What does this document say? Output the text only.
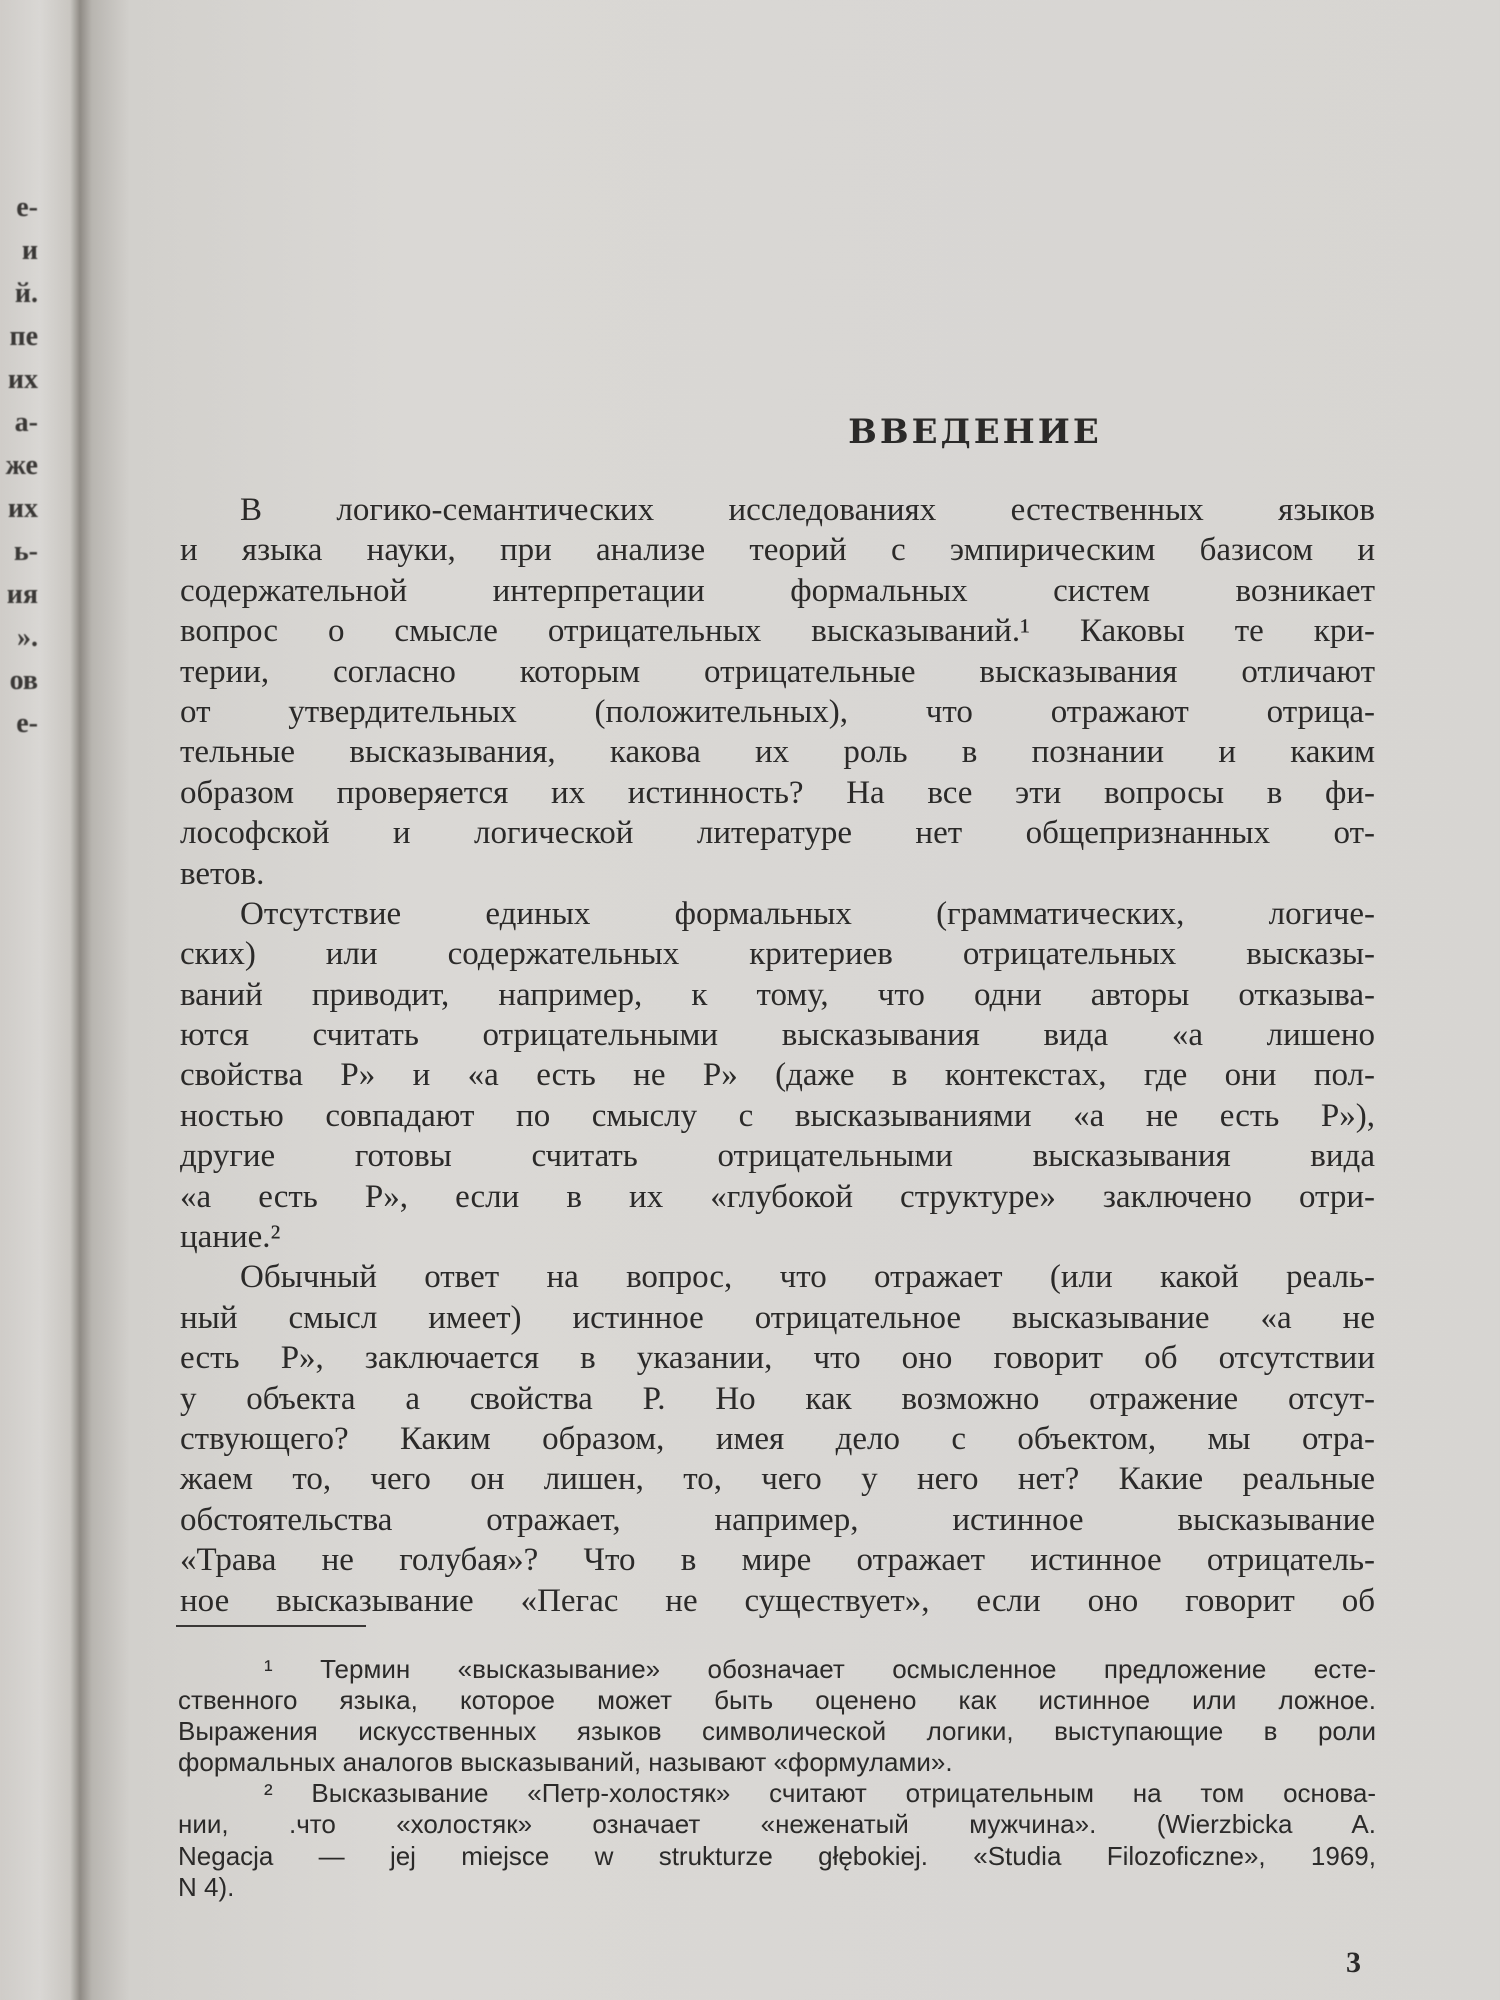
е-
и
й.
пе
их
а-
же
их
ь-
ия
».
ов
е-
ВВЕДЕНИЕ
В логико-семантических исследованиях естественных языков
и языка науки, при анализе теорий с эмпирическим базисом и
содержательной интерпретации формальных систем возникает
вопрос о смысле отрицательных высказываний.¹ Каковы те кри-
терии, согласно которым отрицательные высказывания отличают
от утвердительных (положительных), что отражают отрица-
тельные высказывания, какова их роль в познании и каким
образом проверяется их истинность? На все эти вопросы в фи-
лософской и логической литературе нет общепризнанных от-
ветов.
Отсутствие единых формальных (грамматических, логиче-
ских) или содержательных критериев отрицательных высказы-
ваний приводит, например, к тому, что одни авторы отказыва-
ются считать отрицательными высказывания вида «a лишено
свойства P» и «a есть не P» (даже в контекстах, где они пол-
ностью совпадают по смыслу с высказываниями «a не есть P»),
другие готовы считать отрицательными высказывания вида
«a есть P», если в их «глубокой структуре» заключено отри-
цание.²
Обычный ответ на вопрос, что отражает (или какой реаль-
ный смысл имеет) истинное отрицательное высказывание «a не
есть P», заключается в указании, что оно говорит об отсутствии
у объекта a свойства P. Но как возможно отражение отсут-
ствующего? Каким образом, имея дело с объектом, мы отра-
жаем то, чего он лишен, то, чего у него нет? Какие реальные
обстоятельства отражает, например, истинное высказывание
«Трава не голубая»? Что в мире отражает истинное отрицатель-
ное высказывание «Пегас не существует», если оно говорит об
¹ Термин «высказывание» обозначает осмысленное предложение есте-
ственного языка, которое может быть оценено как истинное или ложное.
Выражения искусственных языков символической логики, выступающие в роли
формальных аналогов высказываний, называют «формулами».
² Высказывание «Петр-холостяк» считают отрицательным на том основа-
нии, .что «холостяк» означает «неженатый мужчина». (Wierzbicka A.
Negacja — jej miejsce w strukturze głębokiej. «Studia Filozoficzne», 1969,
N 4).
3
